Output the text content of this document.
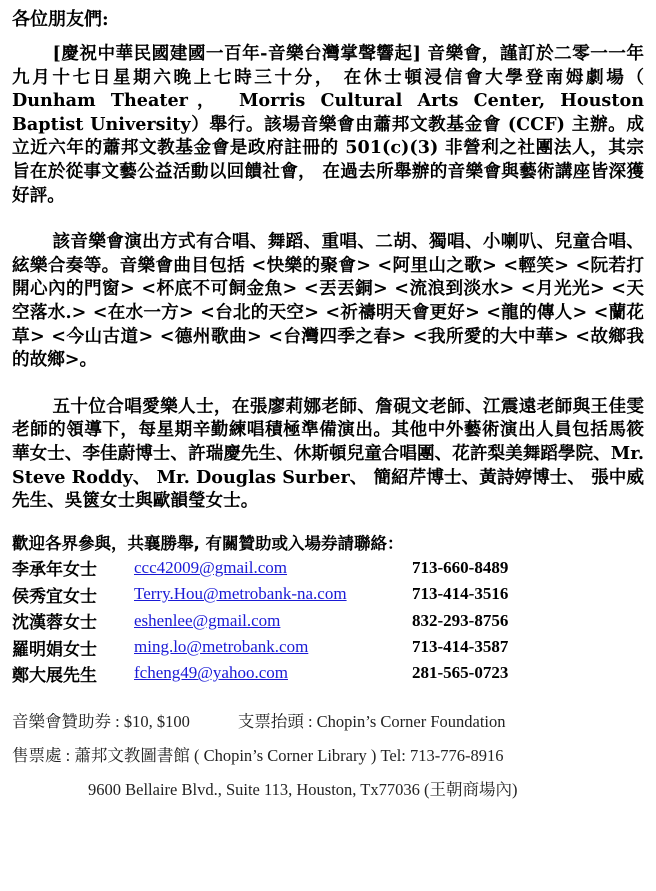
各位朋友們:

[慶祝中華民國建國一百年-音樂台灣掌聲響起] 音樂會，謹訂於二零一一年九月十七日星期六晚上七時三十分， 在休士頓浸信會大學登南姆劇場（ Dunham Theater， Morris Cultural Arts Center, Houston Baptist University）舉行。該場音樂會由蕭邦文教基金會 (CCF) 主辦。成立近六年的蕭邦文教基金會是政府註冊的 501(c)(3) 非營利之社團法人，其宗旨在於從事文藝公益活動以回饋社會， 在過去所舉辦的音樂會與藝術講座皆深獲好評。

該音樂會演出方式有合唱、舞蹈、重唱、二胡、獨唱、小喇叭、兒童合唱、絃樂合奏等。音樂會曲目包括 <快樂的聚會> <阿里山之歌> <輕笑> <阮若打開心內的門窗> <杯底不可飼金魚> <丟丟銅> <流浪到淡水> <月光光> <天空落水.> <在水一方> <台北的天空> <祈禱明天會更好> <龍的傳人> <蘭花草> <今山古道> <德州歌曲> <台灣四季之春> <我所愛的大中華> <故鄉我的故鄉>。

五十位合唱愛樂人士，在張廖莉娜老師、詹硯文老師、江震遠老師與王佳雯老師的領導下，每星期辛勤練唱積極準備演出。其他中外藝術演出人員包括馬筱華女士、李佳蔚博士、許瑞慶先生、休斯頓兒童合唱團、花許梨美舞蹈學院、Mr. Steve Roddy、 Mr. Douglas Surber、 簡紹芹博士、黃詩婷博士、 張中威先生、吳篋女士與歐韻瑩女士。

歡迎各界參與，共襄勝舉, 有關贊助或入場券請聯絡：
李承年女士	ccc42009@gmail.com	713-660-8489
侯秀宜女士	Terry.Hou@metrobank-na.com	713-414-3516
沈漢蓉女士	eshenlee@gmail.com	832-293-8756
羅明娟女士	ming.lo@metrobank.com	713-414-3587
鄭大展先生	fcheng49@yahoo.com	281-565-0723
音樂會贊助券 : $10, $100	支票抬頭 : Chopin’s Corner Foundation
售票處 : 蕭邦文教圖書館 ( Chopin’s Corner Library ) Tel: 713-776-8916
9600 Bellaire Blvd., Suite 113, Houston, Tx77036 (王朝商場內)
